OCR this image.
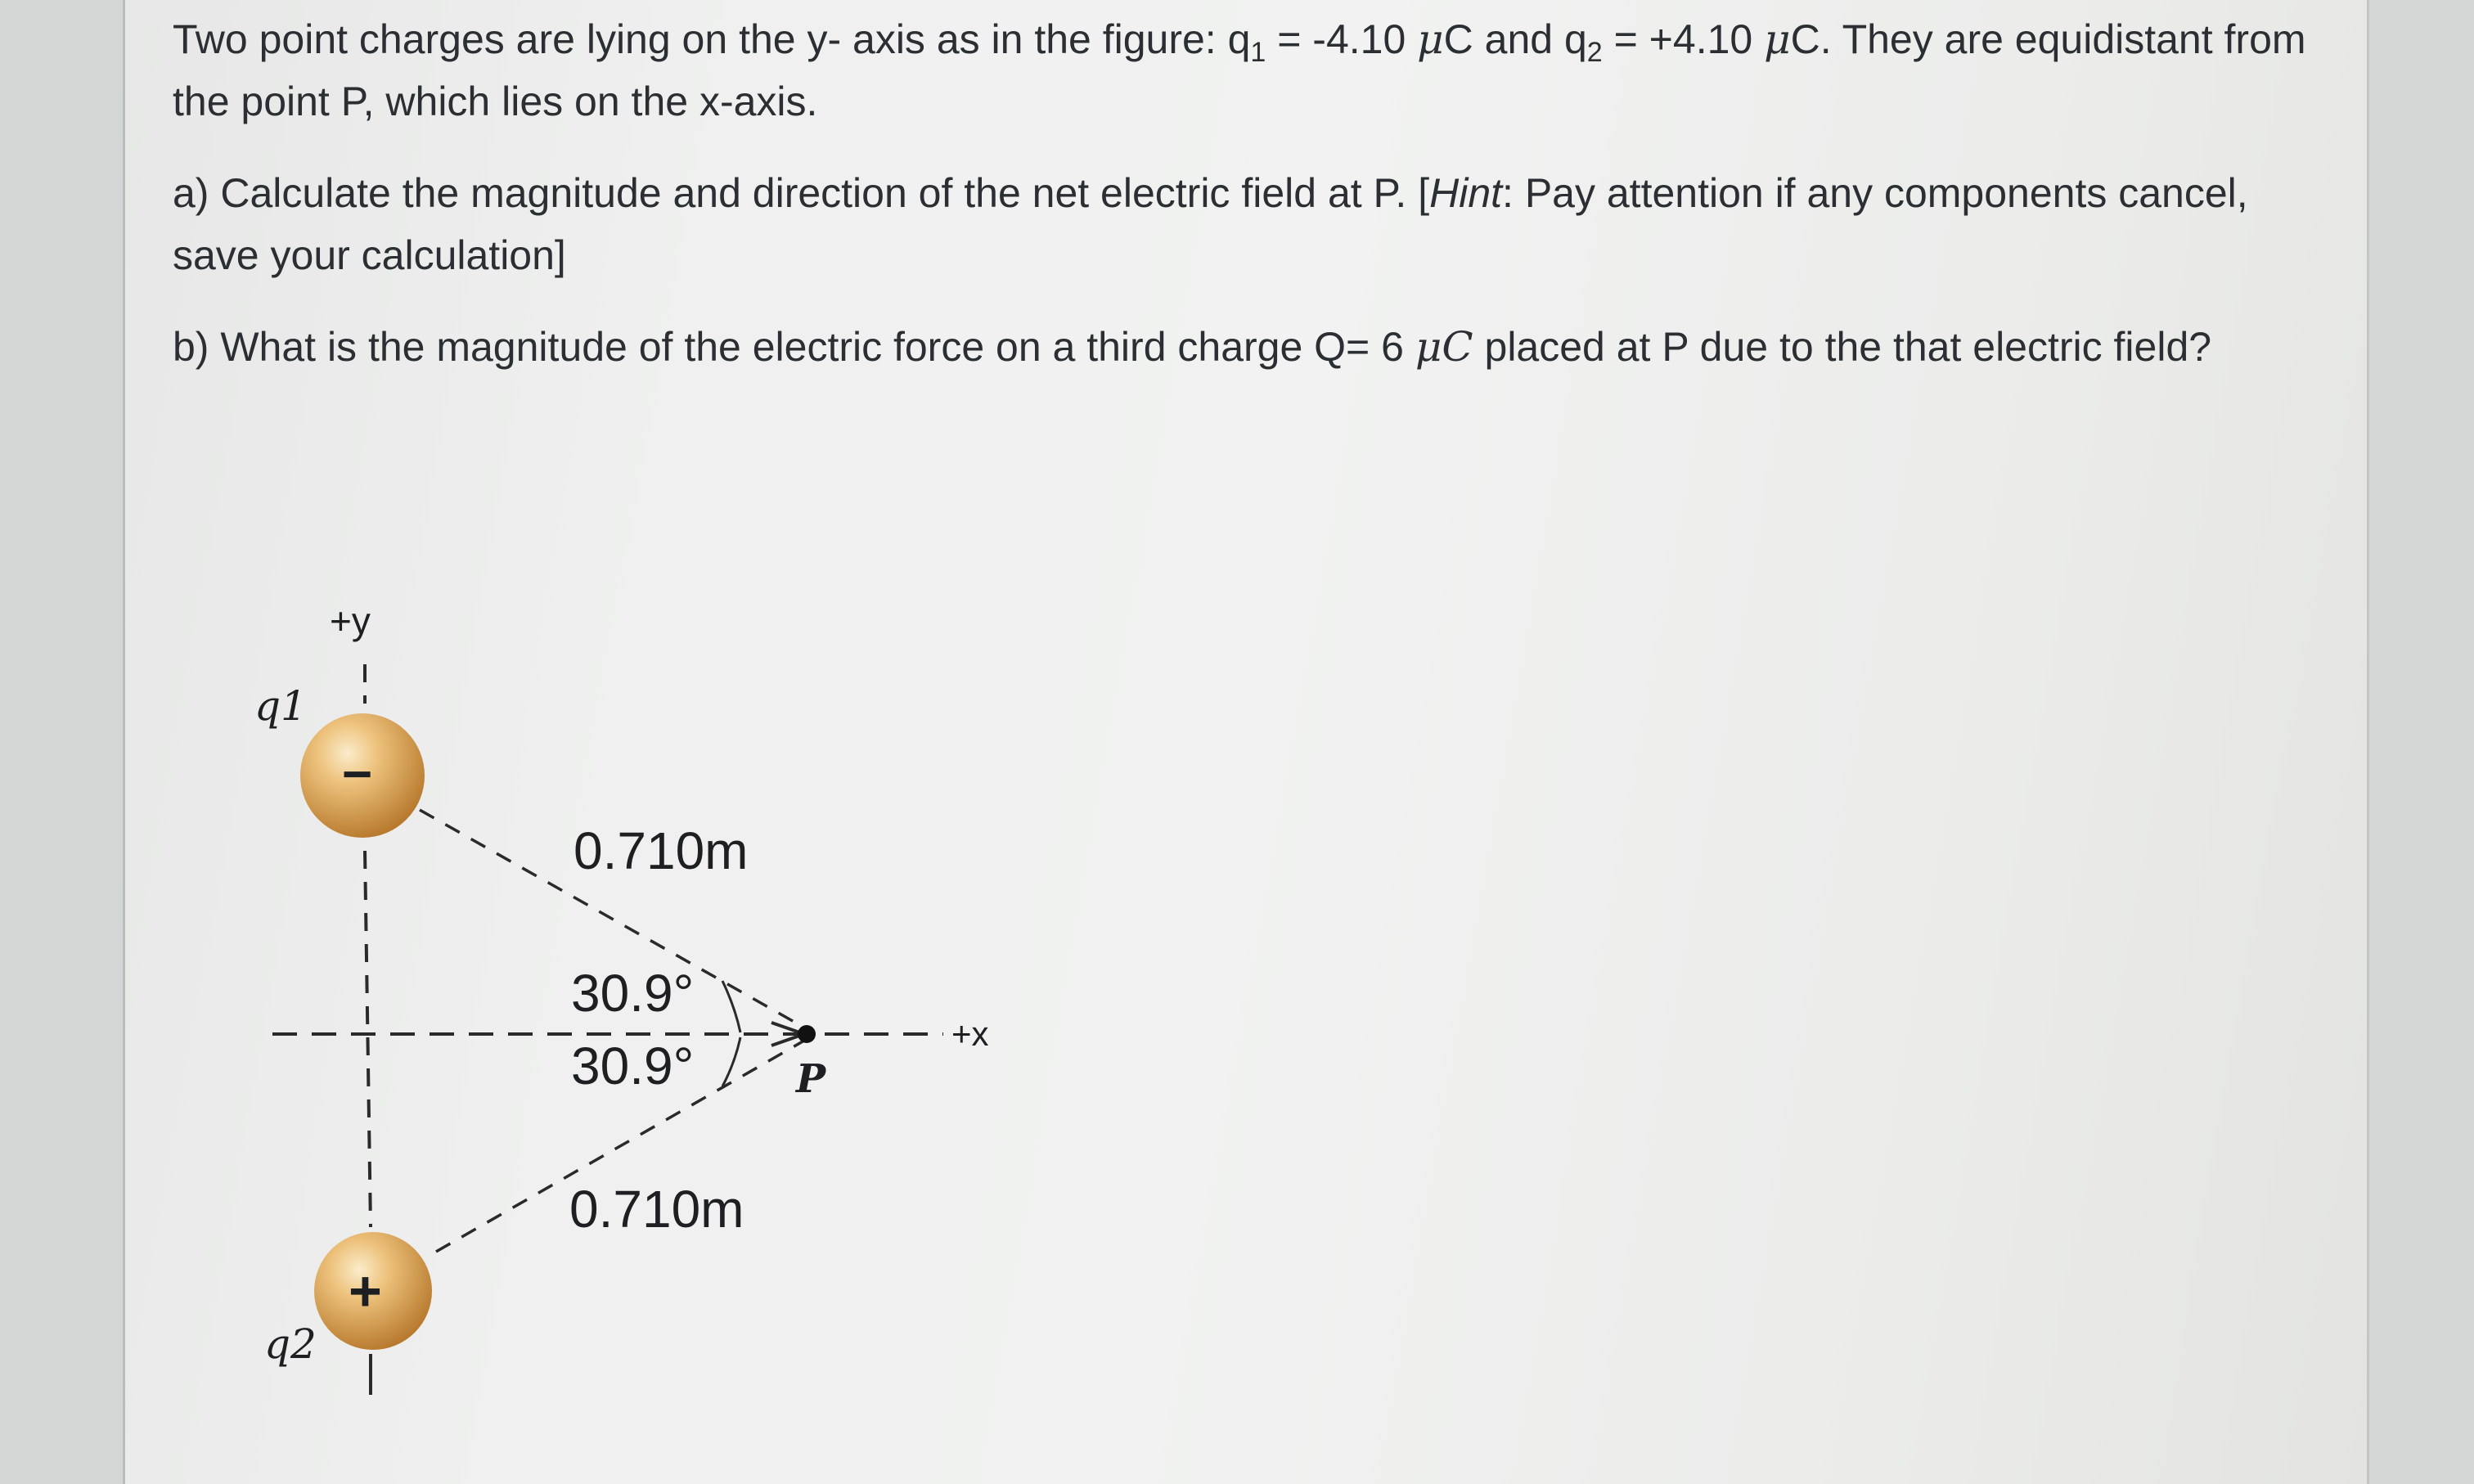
Two point charges are lying on the y- axis as in the figure: $q_1 = -4.10$ μC and $q_2 = +4.10$ μC. They are equidistant from the point P, which lies on the x-axis.
a) Calculate the magnitude and direction of the net electric field at P. [Hint: Pay attention if any components cancel, save your calculation]
b) What is the magnitude of the electric force on a third charge Q= 6 μC placed at P due to the that electric field?
+y
+x
q1
q2
−
+
0.710m
0.710m
30.9°
30.9°	P
